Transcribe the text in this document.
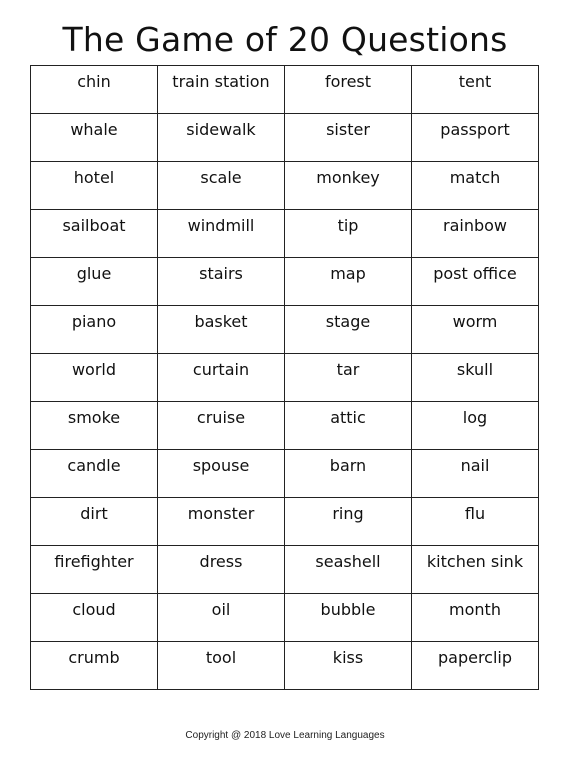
The Game of 20 Questions
chin	train station	forest	tent

whale	sidewalk	sister	passport

hotel	scale	monkey	match

sailboat	windmill	tip	rainbow

glue	stairs	map	post office

piano	basket	stage	worm

world	curtain	tar	skull

smoke	cruise	attic	log

candle	spouse	barn	nail

dirt	monster	ring	flu

firefighter	dress	seashell	kitchen sink

cloud	oil	bubble	month

crumb	tool	kiss	paperclip
Copyright @ 2018 Love Learning Languages
